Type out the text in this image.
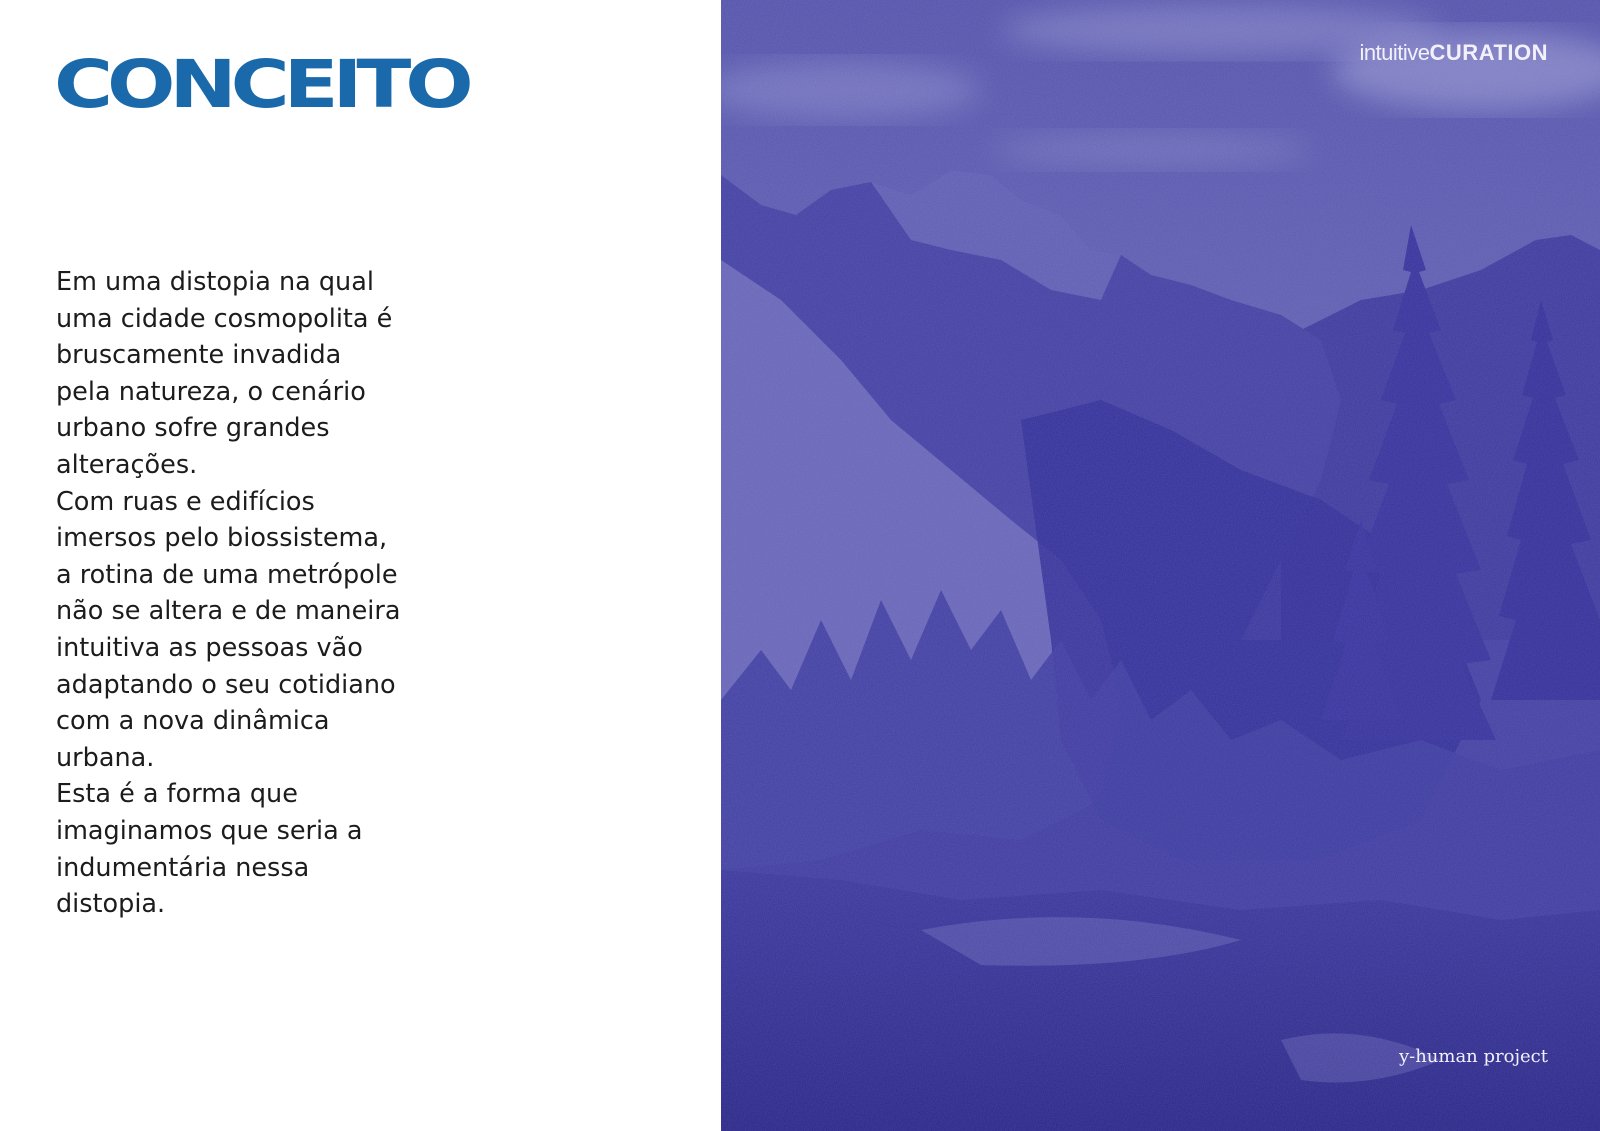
CONCEITO

Em uma distopia na qual uma cidade cosmopolita é bruscamente invadida pela natureza, o cenário urbano sofre grandes alterações.

Com ruas e edifícios imersos pelo biossistema, a rotina de uma metrópole não se altera e de maneira intuitiva as pessoas vão adaptando o seu cotidiano com a nova dinâmica urbana.

Esta é a forma que imaginamos que seria a indumentária nessa distopia.

intuitiveCURATION
y-human project
